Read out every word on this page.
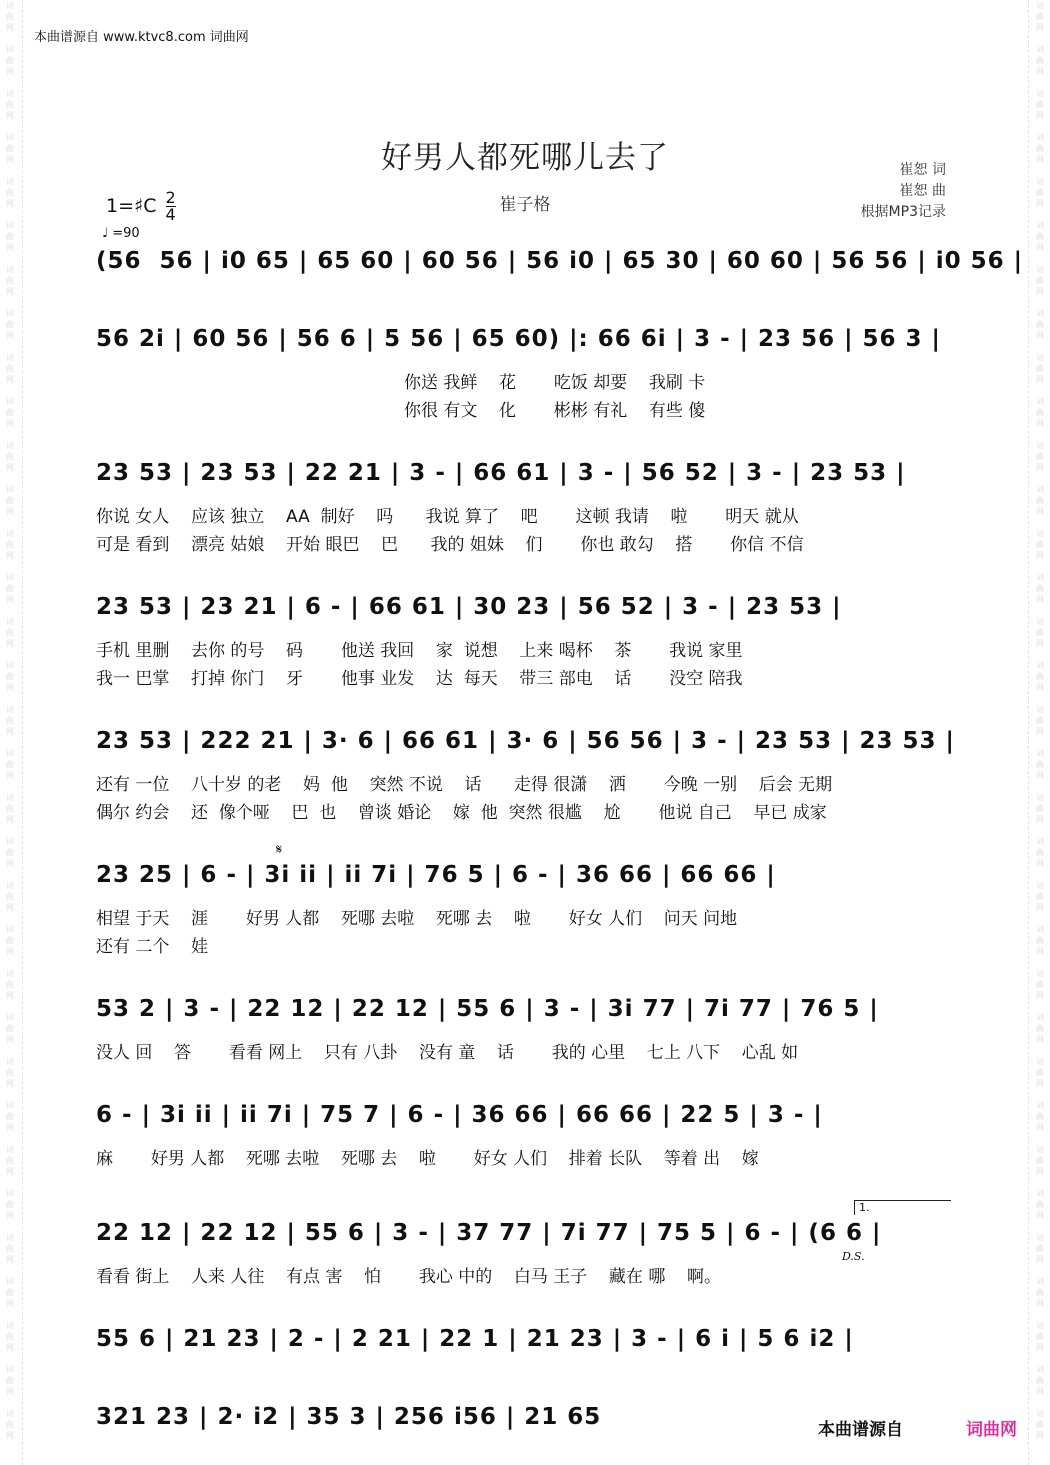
词
曲
网

词
曲
网

词
曲
网

词
曲
网

词
曲
网

词
曲
网

词
曲
网

词
曲
网

词
曲
网

词
曲
网

词
曲
网

词
曲
网

词
曲
网

词
曲
网

词
曲
网

词
曲
网

词
曲
网

词
曲
网

词
曲
网

词
曲
网

词
曲
网

词
曲
网

词
曲
网

词
曲
网

词
曲
网

词
曲
网

词
曲
网

词
曲
网

词
曲
网

词
曲
网

词
曲
网

词
曲
网

词
曲
网
词
曲
网

词
曲
网

词
曲
网

词
曲
网

词
曲
网

词
曲
网

词
曲
网

词
曲
网

词
曲
网

词
曲
网

词
曲
网

词
曲
网

词
曲
网

词
曲
网

词
曲
网

词
曲
网

词
曲
网

词
曲
网

词
曲
网

词
曲
网

词
曲
网

词
曲
网

词
曲
网

词
曲
网

词
曲
网

词
曲
网

词
曲
网

词
曲
网

词
曲
网

词
曲
网

词
曲
网

词
曲
网

词
曲
网
本曲谱源自 www.ktvc8.com 词曲网
好男人都死哪儿去了
崔子格
崔恕 词
崔恕 曲
根据MP3记录
1=♯C $\frac{2}{4}$
♩ =90
(56  56 | i0 65 | 65 60 | 60 56 | 56 i0 | 65 30 | 60 60 | 56 56 | i0 56 |
56 2i | 60 56 | 56 6 | 5 56 | 65 60) |: 66 6i | 3 - | 23 56 | 56 3 |
你送 我鲜    花       吃饭 却要    我刷 卡
你很 有文    化       彬彬 有礼    有些 傻
23 53 | 23 53 | 22 21 | 3 - | 66 61 | 3 - | 56 52 | 3 - | 23 53 |
你说 女人    应该 独立    AA  制好    吗      我说 算了    吧       这顿 我请    啦       明天 就从
可是 看到    漂亮 姑娘    开始 眼巴    巴      我的 姐妹    们       你也 敢勾    搭       你信 不信
23 53 | 23 21 | 6 - | 66 61 | 30 23 | 56 52 | 3 - | 23 53 |
手机 里删    去你 的号    码       他送 我回    家  说想    上来 喝杯    茶       我说 家里
我一 巴掌    打掉 你门    牙       他事 业发    达  每天    带三 部电    话       没空 陪我
23 53 | 222 21 | 3· 6 | 66 61 | 3· 6 | 56 56 | 3 - | 23 53 | 23 53 |
还有 一位    八十岁 的老    妈  他    突然 不说    话      走得 很潇    洒       今晚 一别    后会 无期
偶尔 约会    还  像个哑    巴  也    曾谈 婚论    嫁  他  突然 很尴    尬       他说 自己    早已 成家
𝄋
23 25 | 6 - | 3i ii | ii 7i | 76 5 | 6 - | 36 66 | 66 66 |
相望 于天    涯       好男 人都    死哪 去啦    死哪 去    啦       好女 人们    问天 问地
还有 二个    娃
53 2 | 3 - | 22 12 | 22 12 | 55 6 | 3 - | 3i 77 | 7i 77 | 76 5 |
没人 回    答       看看 网上    只有 八卦    没有 童    话       我的 心里    七上 八下    心乱 如
6 - | 3i ii | ii 7i | 75 7 | 6 - | 36 66 | 66 66 | 22 5 | 3 - |
麻       好男 人都    死哪 去啦    死哪 去    啦       好女 人们    排着 长队    等着 出    嫁
1.
22 12 | 22 12 | 55 6 | 3 - | 37 77 | 7i 77 | 75 5 | 6 - | (6 6 |
D.S.
看看 街上    人来 人往    有点 害    怕       我心 中的    白马 王子    藏在 哪    啊。
55 6 | 21 23 | 2 - | 2 21 | 22 1 | 21 23 | 3 - | 6 i | 5 6 i2 |
321 23 | 2· i2 | 35 3 | 256 i56 | 21 65	本曲谱源自	词曲网
